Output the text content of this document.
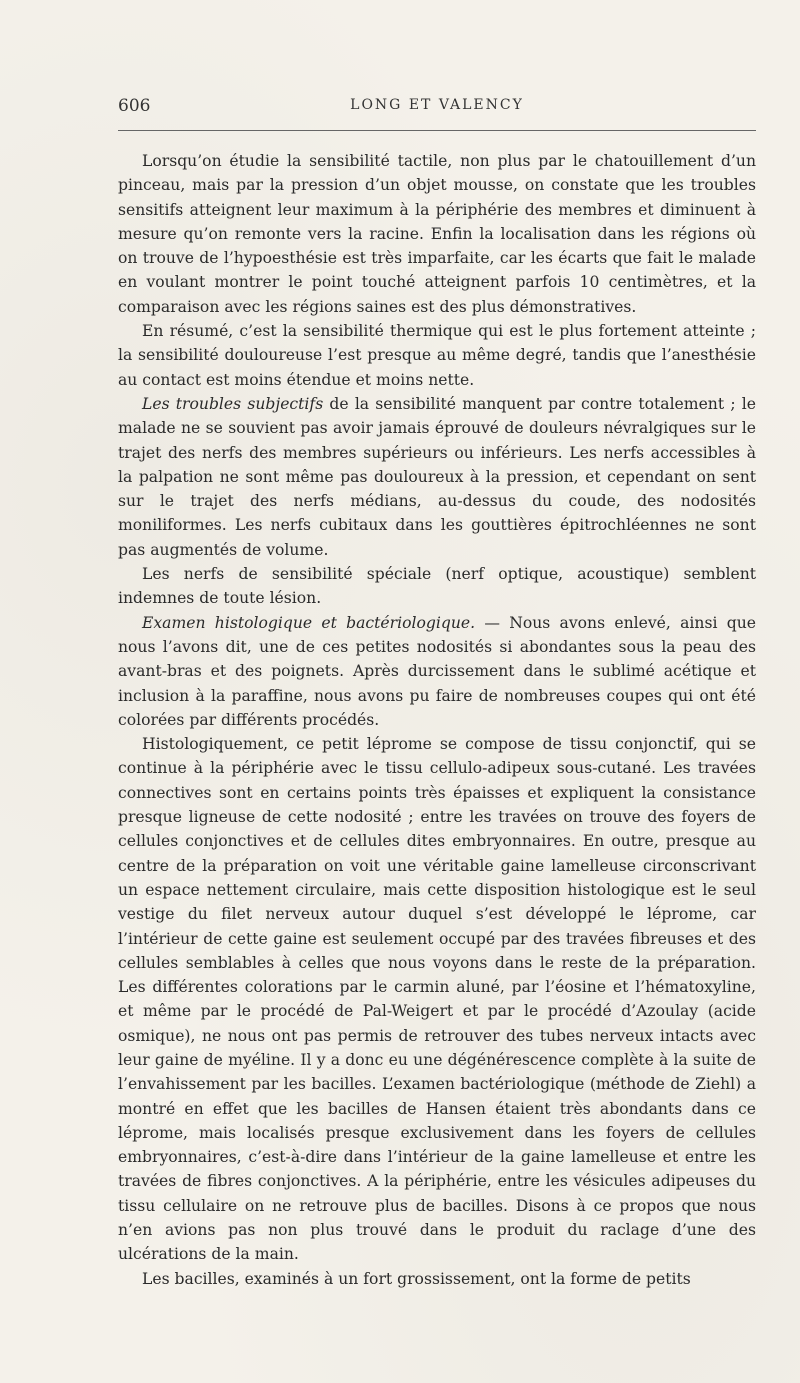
606	LONG ET VALENCY

Lorsqu’on étudie la sensibilité tactile, non plus par le chatouillement d’un pinceau, mais par la pression d’un objet mousse, on constate que les troubles sensitifs atteignent leur maximum à la périphérie des membres et diminuent à mesure qu’on remonte vers la racine. Enfin la localisation dans les régions où on trouve de l’hypoesthésie est très imparfaite, car les écarts que fait le malade en voulant montrer le point touché atteignent parfois 10 centimètres, et la comparaison avec les régions saines est des plus démonstratives.

En résumé, c’est la sensibilité thermique qui est le plus fortement atteinte ; la sensibilité douloureuse l’est presque au même degré, tandis que l’anesthésie au contact est moins étendue et moins nette.

Les troubles subjectifs de la sensibilité manquent par contre totalement ; le malade ne se souvient pas avoir jamais éprouvé de douleurs névralgiques sur le trajet des nerfs des membres supérieurs ou inférieurs. Les nerfs accessibles à la palpation ne sont même pas douloureux à la pression, et cependant on sent sur le trajet des nerfs médians, au-dessus du coude, des nodosités moniliformes. Les nerfs cubitaux dans les gouttières épitrochléennes ne sont pas augmentés de volume.

Les nerfs de sensibilité spéciale (nerf optique, acoustique) semblent indemnes de toute lésion.

Examen histologique et bactériologique. — Nous avons enlevé, ainsi que nous l’avons dit, une de ces petites nodosités si abondantes sous la peau des avant-bras et des poignets. Après durcissement dans le sublimé acétique et inclusion à la paraffine, nous avons pu faire de nombreuses coupes qui ont été colorées par différents procédés.

Histologiquement, ce petit léprome se compose de tissu conjonctif, qui se continue à la périphérie avec le tissu cellulo-adipeux sous-cutané. Les travées connectives sont en certains points très épaisses et expliquent la consistance presque ligneuse de cette nodosité ; entre les travées on trouve des foyers de cellules conjonctives et de cellules dites embryonnaires. En outre, presque au centre de la préparation on voit une véritable gaine lamelleuse circonscrivant un espace nettement circulaire, mais cette disposition histologique est le seul vestige du filet nerveux autour duquel s’est développé le léprome, car l’intérieur de cette gaine est seulement occupé par des travées fibreuses et des cellules semblables à celles que nous voyons dans le reste de la préparation. Les différentes colorations par le carmin aluné, par l’éosine et l’hématoxyline, et même par le procédé de Pal-Weigert et par le procédé d’Azoulay (acide osmique), ne nous ont pas permis de retrouver des tubes nerveux intacts avec leur gaine de myéline. Il y a donc eu une dégénérescence complète à la suite de l’envahissement par les bacilles. L’examen bactériologique (méthode de Ziehl) a montré en effet que les bacilles de Hansen étaient très abondants dans ce léprome, mais localisés presque exclusivement dans les foyers de cellules embryonnaires, c’est-à-dire dans l’intérieur de la gaine lamelleuse et entre les travées de fibres conjonctives. A la périphérie, entre les vésicules adipeuses du tissu cellulaire on ne retrouve plus de bacilles. Disons à ce propos que nous n’en avions pas non plus trouvé dans le produit du raclage d’une des ulcérations de la main.

Les bacilles, examinés à un fort grossissement, ont la forme de petits
